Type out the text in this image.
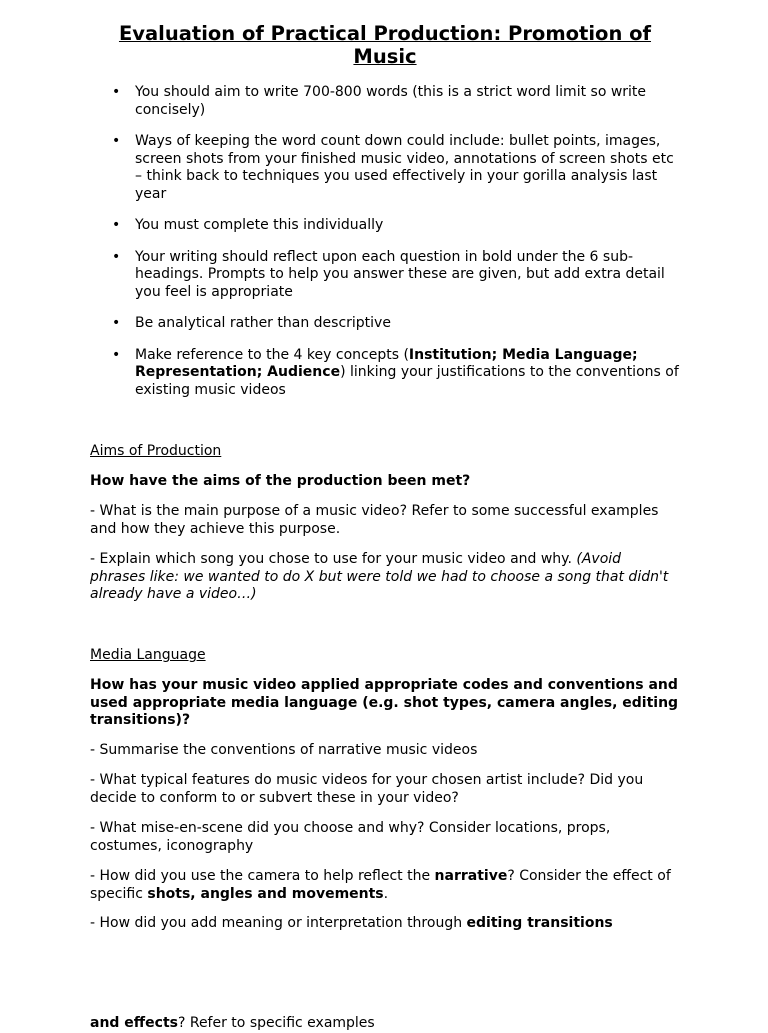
Evaluation of Practical Production: Promotion of Music
• You should aim to write 700-800 words (this is a strict word limit so write concisely)
• Ways of keeping the word count down could include: bullet points, images, screen shots from your finished music video, annotations of screen shots etc – think back to techniques you used effectively in your gorilla analysis last year
• You must complete this individually
• Your writing should reflect upon each question in bold under the 6 sub-headings. Prompts to help you answer these are given, but add extra detail you feel is appropriate
• Be analytical rather than descriptive
• Make reference to the 4 key concepts (Institution; Media Language; Representation; Audience) linking your justifications to the conventions of existing music videos

Aims of Production

How have the aims of the production been met?

- What is the main purpose of a music video? Refer to some successful examples and how they achieve this purpose.

- Explain which song you chose to use for your music video and why. (Avoid phrases like: we wanted to do X but were told we had to choose a song that didn't already have a video…)

Media Language

How has your music video applied appropriate codes and conventions and used appropriate media language (e.g. shot types, camera angles, editing transitions)?

- Summarise the conventions of narrative music videos

- What typical features do music videos for your chosen artist include? Did you decide to conform to or subvert these in your video?

- What mise-en-scene did you choose and why? Consider locations, props, costumes, iconography

- How did you use the camera to help reflect the narrative? Consider the effect of specific shots, angles and movements.

- How did you add meaning or interpretation through editing transitions

and effects? Refer to specific examples
